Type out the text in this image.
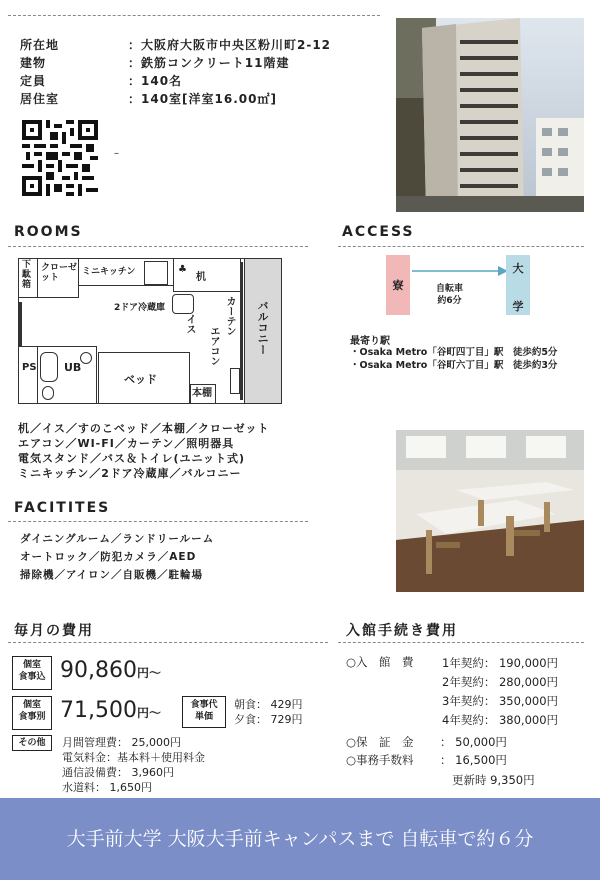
所在地	：大阪府大阪市中央区粉川町2-12
建物	：鉄筋コンクリート11階建
定員	：140名
居住室	：140室[洋室16.00㎡]
–
ROOMS
下駄箱
クローゼット
ミニキッチン	机
♣
2ドア冷蔵庫
イス	カーテン
エアコン	バルコニー
PS UB
ベッド
本棚
机／イス／すのこベッド／本棚／クローゼット
エアコン／WI-FI／カーテン／照明器具
電気スタンド／バス＆トイレ(ユニット式)
ミニキッチン／2ドア冷蔵庫／バルコニー
ACCESS
寮	自転車
約6分
大
学
最寄り駅
・Osaka Metro「谷町四丁目」駅　徒歩約5分
・Osaka Metro「谷町六丁目」駅　徒歩約3分
FACITITES
ダイニングルーム／ランドリールーム
オートロック／防犯カメラ／AED
掃除機／アイロン／自販機／駐輪場
毎月の費用
個室
食事込 90,860円～
個室
食事別 71,500円～
食事代
単価
朝食： 429円
夕食： 729円
その他	月間管理費： 25,000円
電気料金：基本料＋使用料金
通信設備費： 3,960円
水道料： 1,650円
入館手続き費用
○入　館　費 1年契約： 190,000円
2年契約： 280,000円
3年契約： 350,000円
4年契約： 380,000円
○保　証　金 ： 50,000円
○事務手数料 ： 16,500円
更新時 9,350円
大手前大学 大阪大手前キャンパスまで 自転車で約６分
